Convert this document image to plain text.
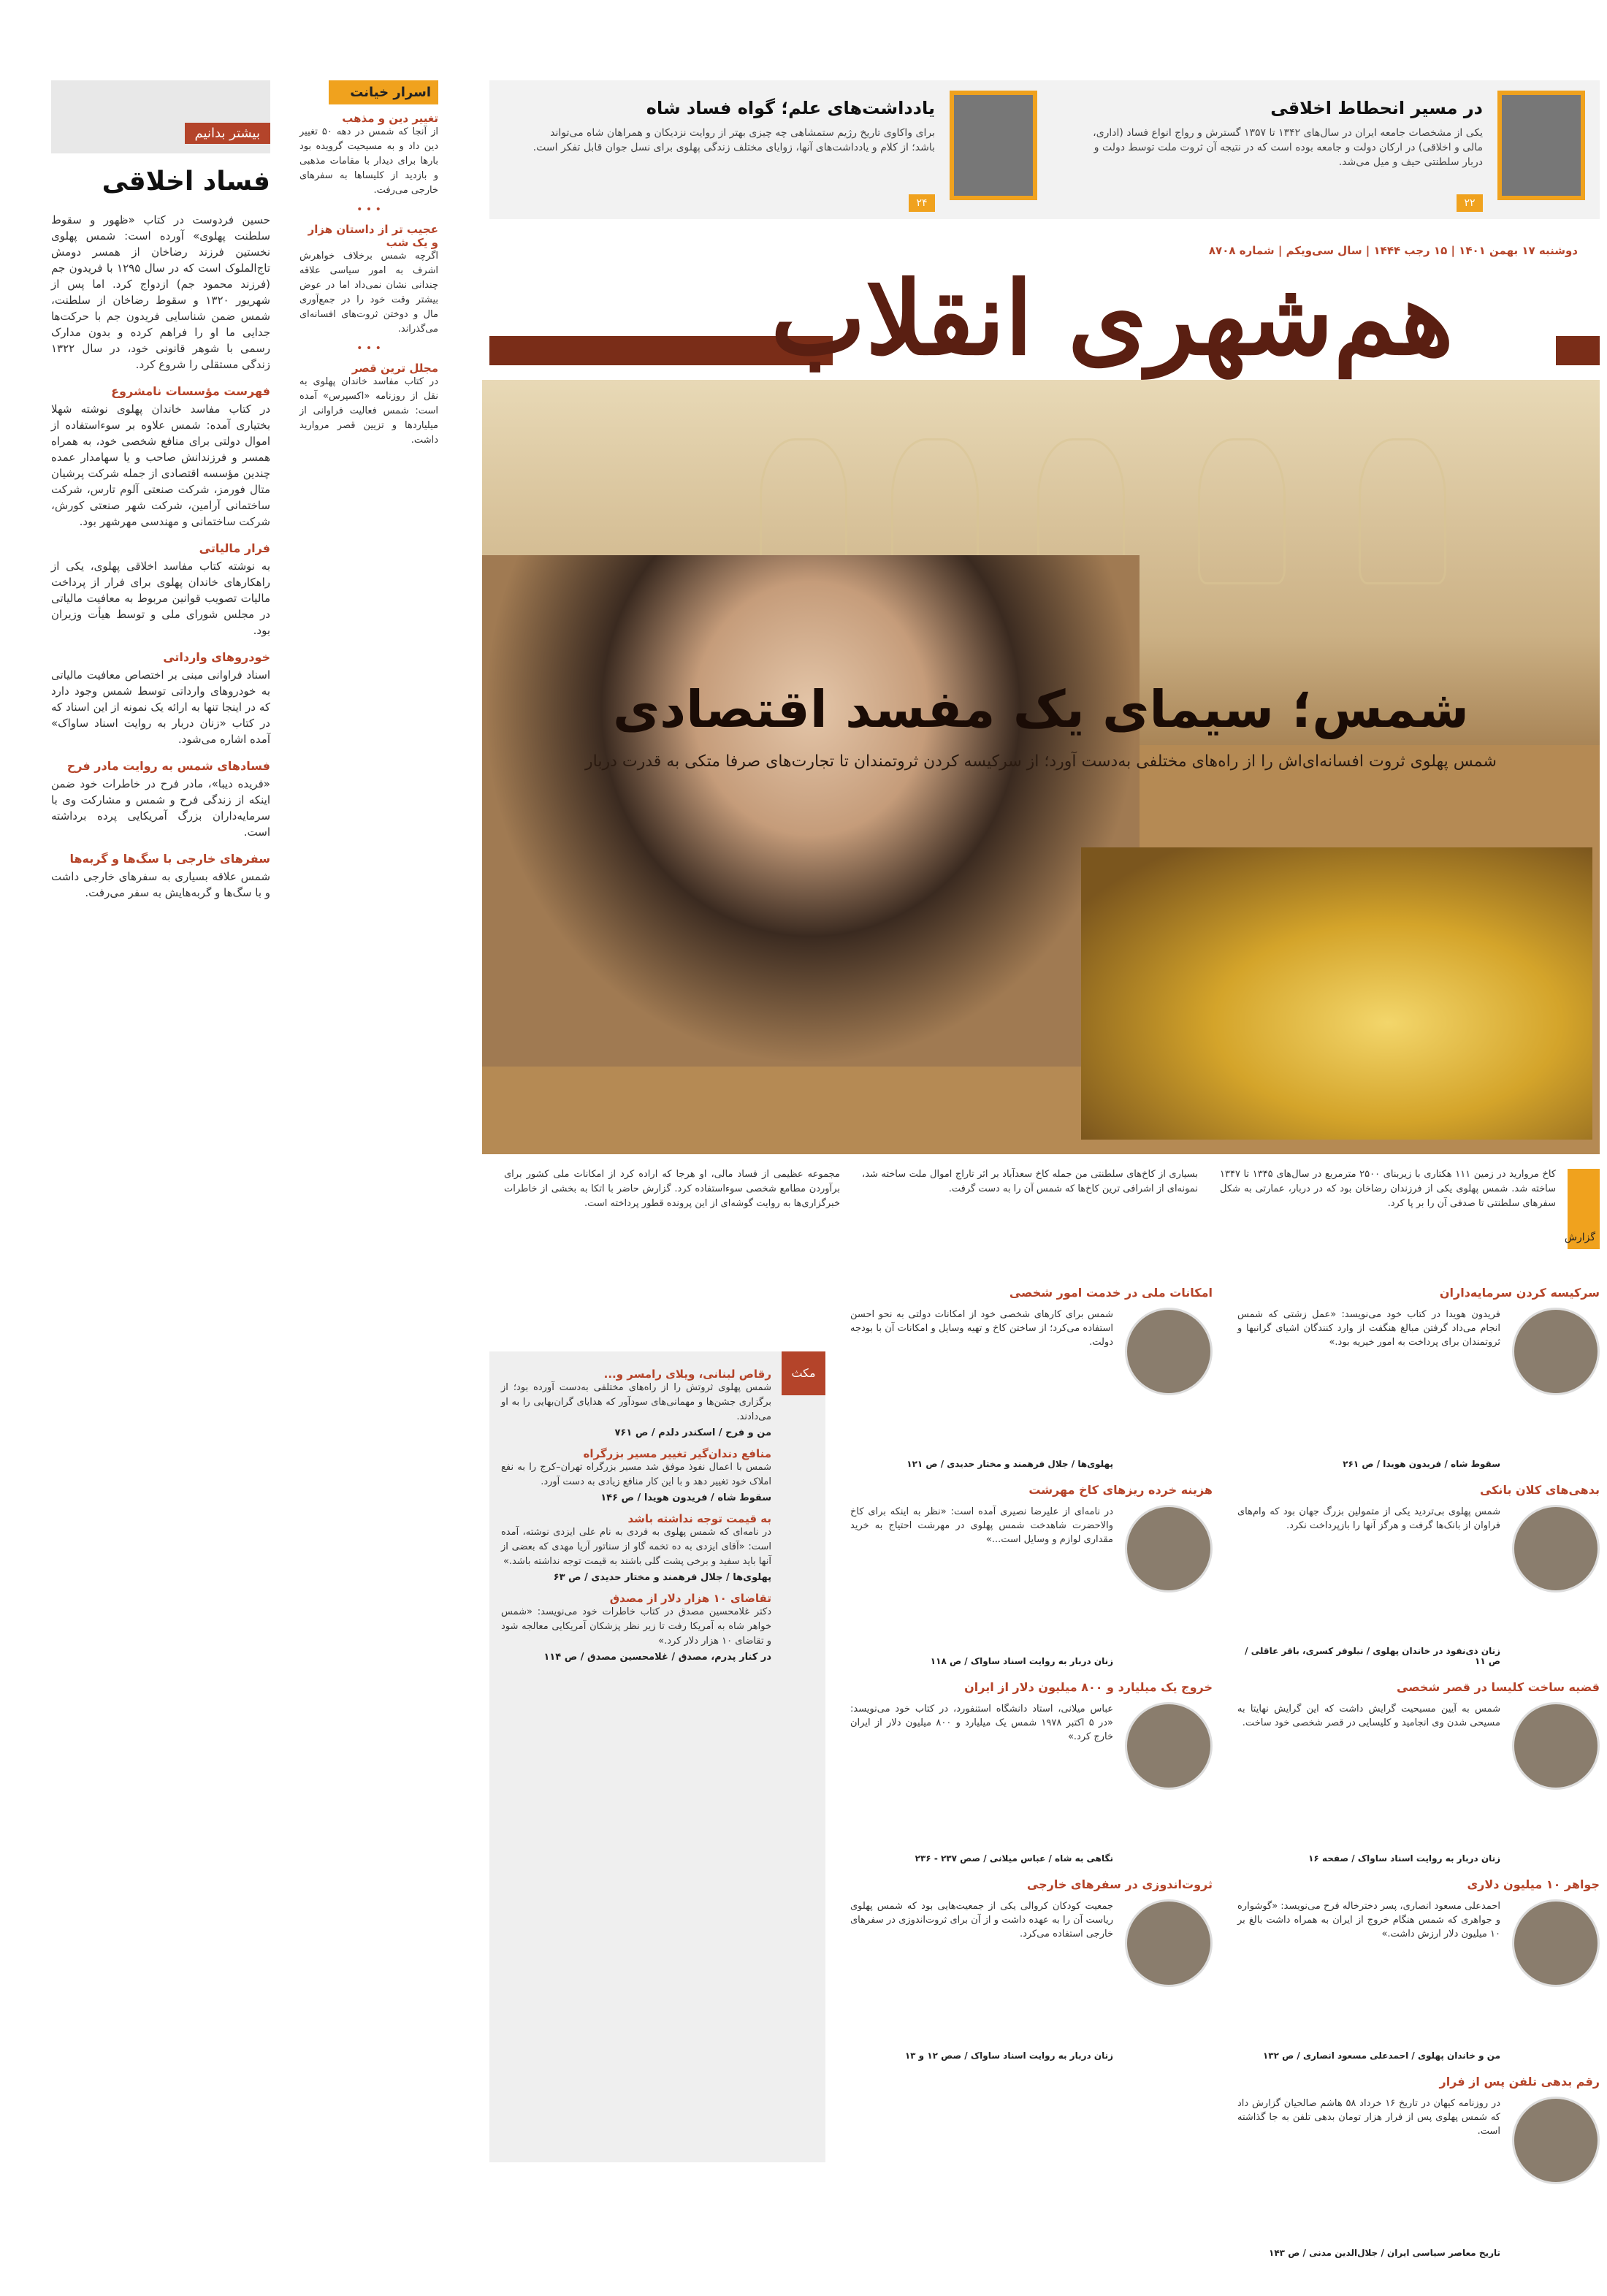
بیشتر بدانیم
فساد اخلاقی

حسین فردوست در کتاب «ظهور و سقوط سلطنت پهلوی» آورده است: شمس پهلوی نخستین فرزند رضاخان از همسر دومش تاج‌الملوک است که در سال ۱۲۹۵ با فریدون جم (فرزند محمود جم) ازدواج کرد. اما پس از شهریور ۱۳۲۰ و سقوط رضاخان از سلطنت، شمس ضمن شناسایی فریدون جم با حرکت‌ها جدایی ما او را فراهم کرده و بدون مدارک رسمی با شوهر قانونی خود، در سال ۱۳۲۲ زندگی مستقلی را شروع کرد.

فهرست مؤسسات نامشروع

در کتاب مفاسد خاندان پهلوی نوشته شهلا بختیاری آمده: شمس علاوه بر سوءاستفاده از اموال دولتی برای منافع شخصی خود، به همراه همسر و فرزندانش صاحب و یا سهامدار عمده چندین مؤسسه اقتصادی از جمله شرکت پرشیان متال فورمز، شرکت صنعتی آلوم تارس، شرکت ساختمانی آرامین، شرکت شهر صنعتی کورش، شرکت ساختمانی و مهندسی مهرشهر بود.

فرار مالیاتی

به نوشته کتاب مفاسد اخلاقی پهلوی، یکی از راهکارهای خاندان پهلوی برای فرار از پرداخت مالیات تصویب قوانین مربوط به معافیت مالیاتی در مجلس شورای ملی و توسط هیأت وزیران بود.

خودروهای وارداتی

اسناد فراوانی مبنی بر اختصاص معافیت مالیاتی به خودروهای وارداتی توسط شمس وجود دارد که در اینجا تنها به ارائه یک نمونه از این اسناد که در کتاب «زنان دربار به روایت اسناد ساواک» آمده اشاره می‌شود.

فسادهای شمس به روایت مادر فرح

«فریده دیبا»، مادر فرح در خاطرات خود ضمن اینکه از زندگی فرح و شمس و مشارکت وی با سرمایه‌داران بزرگ آمریکایی پرده برداشته است.

سفرهای خارجی با سگ‌ها و گربه‌ها

شمس علاقه بسیاری به سفرهای خارجی داشت و با سگ‌ها و گربه‌هایش به سفر می‌رفت.

اسرار خیانت
تغییر دین و مذهب

از آنجا که شمس در دهه ۵۰ تغییر دین داد و به مسیحیت گرویده بود بارها برای دیدار با مقامات مذهبی و بازدید از کلیساها به سفرهای خارجی می‌رفت.

• • •
عجیب تر از داستان هزار و یک شب

اگرچه شمس برخلاف خواهرش اشرف به امور سیاسی علاقه چندانی نشان نمی‌داد اما در عوض بیشتر وقت خود را در جمع‌آوری مال و دوختن ثروت‌های افسانه‌ای می‌گذراند.

• • •
مجلل ترین قصر

در کتاب مفاسد خاندان پهلوی به نقل از روزنامه «اکسپرس» آمده است: شمس فعالیت فراوانی از میلیاردها و تزیین قصر مروارید داشت.

در مسیر انحطاط اخلاقی

یکی از مشخصات جامعه ایران در سال‌های ۱۳۴۲ تا ۱۳۵۷ گسترش و رواج انواع فساد (اداری، مالی و اخلاقی) در ارکان دولت و جامعه بوده است که در نتیجه آن ثروت ملت توسط دولت و دربار سلطنتی حیف و میل می‌شد.

۲۲
یادداشت‌های علم؛ گواه فساد شاه

برای واکاوی تاریخ رژیم ستمشاهی چه چیزی بهتر از روایت نزدیکان و همراهان شاه می‌تواند باشد؛ از کلام و یادداشت‌های آنها، زوایای مختلف زندگی پهلوی برای نسل جوان قابل تفکر است.

۲۴
دوشنبه ۱۷ بهمن ۱۴۰۱ | ۱۵ رجب ۱۴۴۴ | سال سی‌ویکم | شماره ۸۷۰۸
هم‌شهری انقلاب
شمس؛ سیمای یک مفسد اقتصادی
شمس پهلوی ثروت افسانه‌ای‌اش را از راه‌های مختلفی به‌دست آورد؛ از سرکیسه کردن ثروتمندان تا تجارت‌های صرفا متکی به قدرت دربار
گزارش
کاخ مروارید در زمین ۱۱۱ هکتاری با زیربنای ۲۵۰۰ مترمربع در سال‌های ۱۳۴۵ تا ۱۳۴۷ ساخته شد. شمس پهلوی یکی از فرزندان رضاخان بود که در دربار، عمارتی به شکل سفرهای سلطنتی تا صدفی آن را بر پا کرد.
بسیاری از کاخ‌های سلطنتی من جمله کاخ سعدآباد بر اثر تاراج اموال ملت ساخته شد، نمونه‌ای از اشرافی ترین کاخ‌ها که شمس آن را به دست گرفت.
مجموعه عظیمی از فساد مالی، او هرجا که اراده کرد از امکانات ملی کشور برای برآوردن مطامع شخصی سوءاستفاده کرد. گزارش حاضر با اتکا به بخشی از خاطرات خبرگزاری‌ها به روایت گوشه‌ای از این پرونده قطور پرداخته است.
مکث
رقاص لبنانی، ویلای رامسر و...

شمس پهلوی ثروتش را از راه‌های مختلفی به‌دست آورده بود؛ از برگزاری جشن‌ها و مهمانی‌های سودآور که هدایای گران‌بهایی را به او می‌دادند.

من و فرح / اسکندر دلدم / ص ۷۶۱
منافع دندان‌گیر تغییر مسیر بزرگراه

شمس با اعمال نفوذ موفق شد مسیر بزرگراه تهران–کرج را به نفع املاک خود تغییر دهد و با این کار منافع زیادی به دست آورد.

سقوط شاه / فریدون هویدا / ص ۱۴۶
به قیمت توجه نداشته باشد

در نامه‌ای که شمس پهلوی به فردی به نام علی ایزدی نوشته، آمده است: «آقای ایزدی به ده تخمه گاو از سناتور آریا مهدی که بعضی از آنها باید سفید و برخی پشت گلی باشند به قیمت توجه نداشته باشد.»

پهلوی‌ها / جلال فرهمند و مختار حدیدی / ص ۶۳
تقاضای ۱۰ هزار دلار از مصدق

دکتر غلامحسین مصدق در کتاب خاطرات خود می‌نویسد: «شمس خواهر شاه به آمریکا رفت تا زیر نظر پزشکان آمریکایی معالجه شود و تقاضای ۱۰ هزار دلار کرد.»

در کنار پدرم، مصدق / غلامحسین مصدق / ص ۱۱۴
سرکیسه کردن سرمایه‌داران

فریدون هویدا در کتاب خود می‌نویسد: «عمل زشتی که شمس انجام می‌داد گرفتن مبالغ هنگفت از وارد کنندگان اشیای گرانبها و ثروتمندان برای پرداخت به امور خیریه بود.»

سقوط شاه / فریدون هویدا / ص ۲۶۱
امکانات ملی در خدمت امور شخصی

شمس برای کارهای شخصی خود از امکانات دولتی به نحو احسن استفاده می‌کرد؛ از ساختن کاخ و تهیه وسایل و امکانات آن با بودجه دولت.

پهلوی‌ها / جلال فرهمند و مختار حدیدی / ص ۱۲۱
بدهی‌های کلان بانکی

شمس پهلوی بی‌تردید یکی از متمولین بزرگ جهان بود که وام‌های فراوان از بانک‌ها گرفت و هرگز آنها را بازپرداخت نکرد.

زنان ذی‌نفوذ در خاندان پهلوی / نیلوفر کسری، باقر عاقلی / ص ۱۱
هزینه خرده ریزهای کاخ مهرشت

در نامه‌ای از علیرضا نصیری آمده است: «نظر به اینکه برای کاخ والاحضرت شاهدخت شمس پهلوی در مهرشت احتیاج به خرید مقداری لوازم و وسایل است...»

زنان دربار به روایت اسناد ساواک / ص ۱۱۸
قضیه ساخت کلیسا در قصر شخصی

شمس به آیین مسیحیت گرایش داشت که این گرایش نهایتا به مسیحی شدن وی انجامید و کلیسایی در قصر شخصی خود ساخت.

زنان دربار به روایت اسناد ساواک / صفحه ۱۶
خروج یک میلیارد و ۸۰۰ میلیون دلار از ایران

عباس میلانی، استاد دانشگاه استنفورد، در کتاب خود می‌نویسد: «در ۵ اکتبر ۱۹۷۸ شمس یک میلیارد و ۸۰۰ میلیون دلار از ایران خارج کرد.»

نگاهی به شاه / عباس میلانی / صص ۲۳۷ - ۲۳۶
جواهر ۱۰ میلیون دلاری

احمدعلی مسعود انصاری، پسر دخترخاله فرح می‌نویسد: «گوشواره و جواهری که شمس هنگام خروج از ایران به همراه داشت بالغ بر ۱۰ میلیون دلار ارزش داشت.»

من و خاندان پهلوی / احمدعلی مسعود انصاری / ص ۱۳۲
ثروت‌اندوزی در سفرهای خارجی

جمعیت کودکان کروالی یکی از جمعیت‌هایی بود که شمس پهلوی ریاست آن را به عهده داشت و از آن برای ثروت‌اندوزی در سفرهای خارجی استفاده می‌کرد.

زنان دربار به روایت اسناد ساواک / صص ۱۲ و ۱۳
رقم بدهی تلفن پس از فرار

در روزنامه کیهان در تاریخ ۱۶ خرداد ۵۸ هاشم صالحیان گزارش داد که شمس پهلوی پس از فرار هزار تومان بدهی تلفن به جا گذاشته است.

تاریخ معاصر سیاسی ایران / جلال‌الدین مدنی / ص ۱۴۳
